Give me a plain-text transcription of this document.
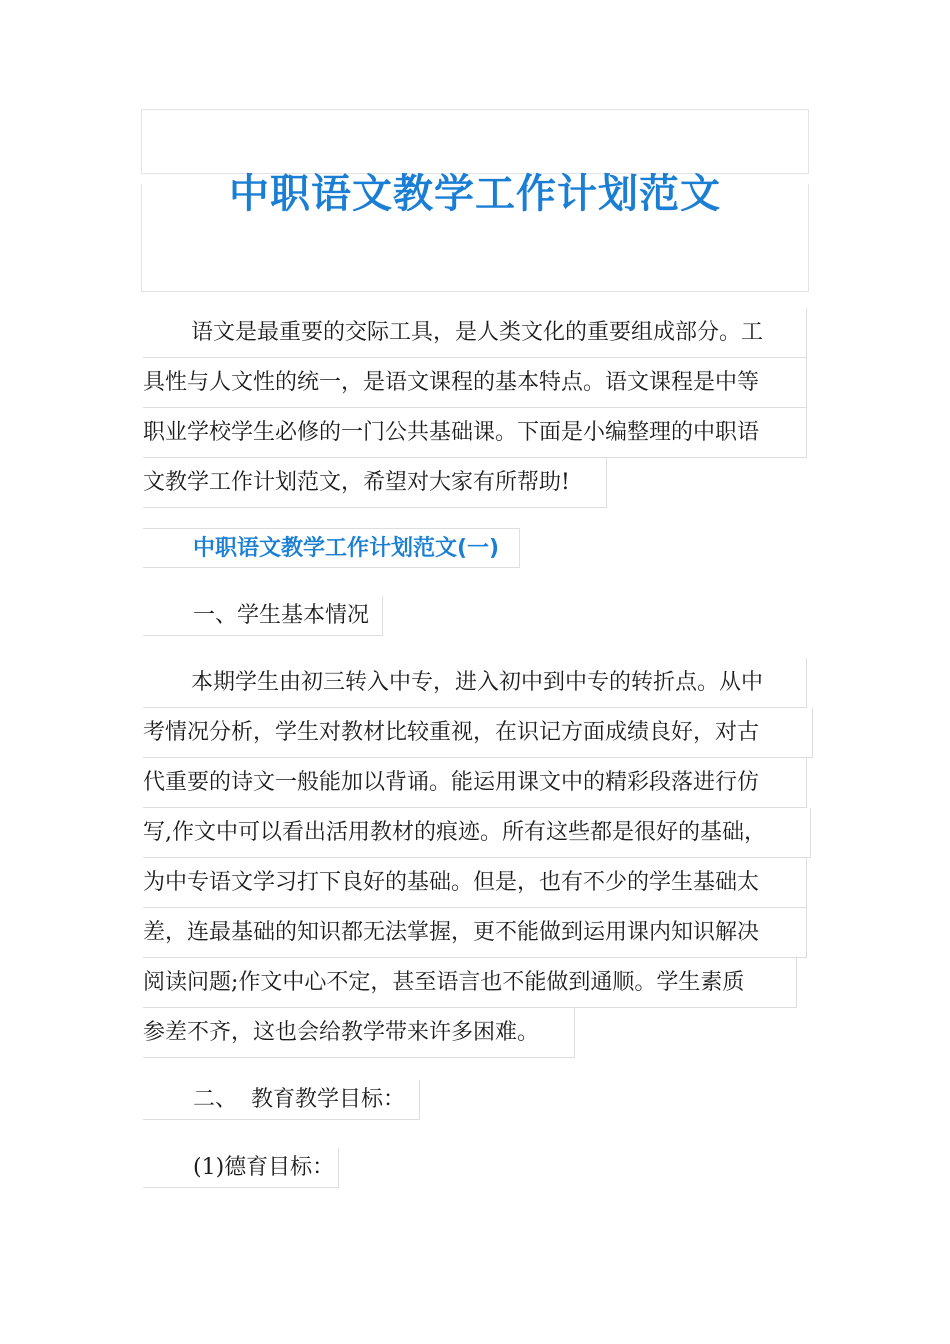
中职语文教学工作计划范文
语文是最重要的交际工具，是人类文化的重要组成部分。工
具性与人文性的统一，是语文课程的基本特点。语文课程是中等
职业学校学生必修的一门公共基础课。下面是小编整理的中职语
文教学工作计划范文，希望对大家有所帮助!
中职语文教学工作计划范文(一)
一、学生基本情况
本期学生由初三转入中专，进入初中到中专的转折点。从中
考情况分析，学生对教材比较重视，在识记方面成绩良好，对古
代重要的诗文一般能加以背诵。能运用课文中的精彩段落进行仿
写,作文中可以看出活用教材的痕迹。所有这些都是很好的基础，
为中专语文学习打下良好的基础。但是，也有不少的学生基础太
差，连最基础的知识都无法掌握，更不能做到运用课内知识解决
阅读问题;作文中心不定，甚至语言也不能做到通顺。学生素质
参差不齐，这也会给教学带来许多困难。
二、  教育教学目标：
(1)德育目标：
